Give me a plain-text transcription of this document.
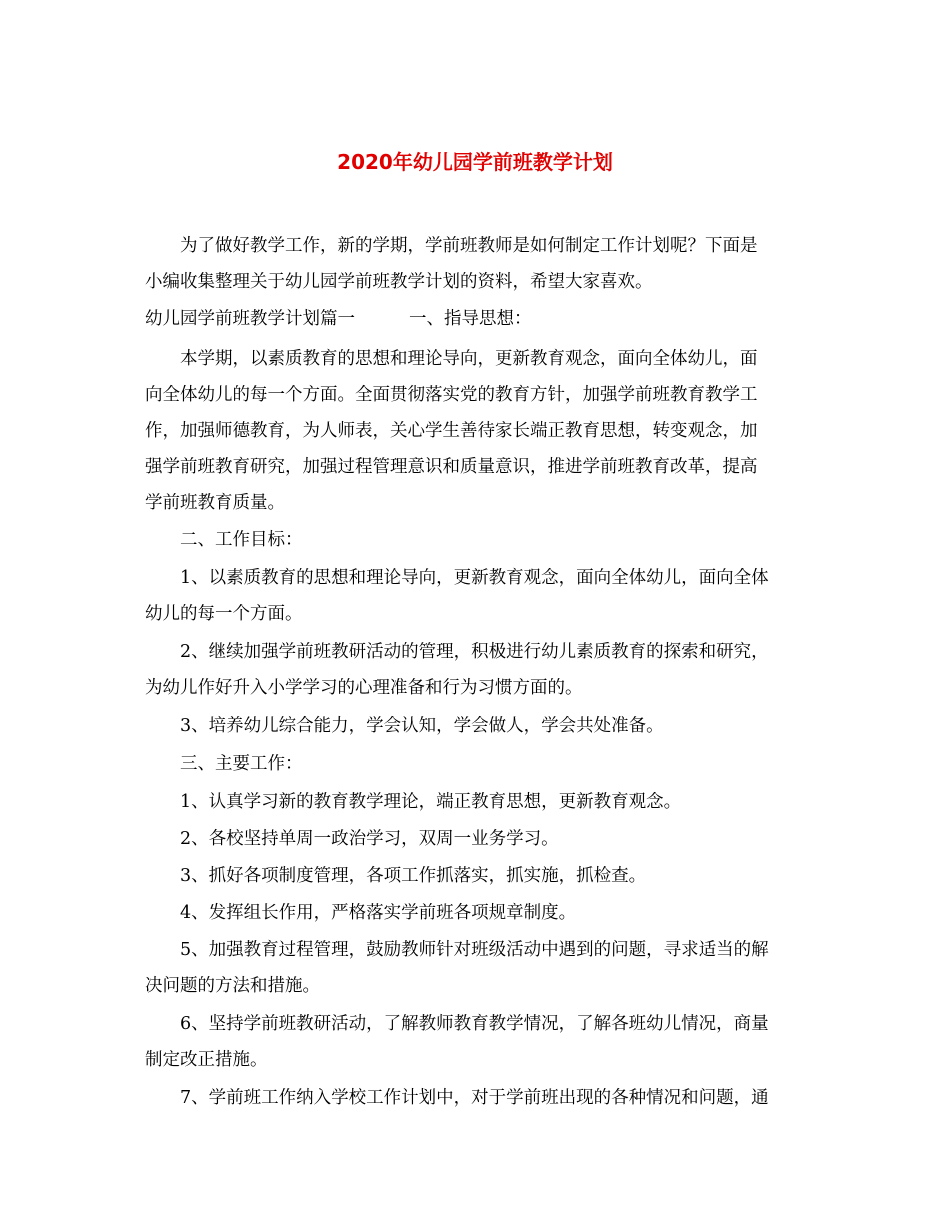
2020年幼儿园学前班教学计划
为了做好教学工作，新的学期，学前班教师是如何制定工作计划呢？下面是
小编收集整理关于幼儿园学前班教学计划的资料，希望大家喜欢。
幼儿园学前班教学计划篇一	一、指导思想：
本学期，以素质教育的思想和理论导向，更新教育观念，面向全体幼儿，面
向全体幼儿的每一个方面。全面贯彻落实党的教育方针，加强学前班教育教学工
作，加强师德教育，为人师表，关心学生善待家长端正教育思想，转变观念，加
强学前班教育研究，加强过程管理意识和质量意识，推进学前班教育改革，提高
学前班教育质量。
二、工作目标：
1、以素质教育的思想和理论导向，更新教育观念，面向全体幼儿，面向全体
幼儿的每一个方面。
2、继续加强学前班教研活动的管理，积极进行幼儿素质教育的探索和研究，
为幼儿作好升入小学学习的心理准备和行为习惯方面的。
3、培养幼儿综合能力，学会认知，学会做人，学会共处准备。
三、主要工作：
1、认真学习新的教育教学理论，端正教育思想，更新教育观念。
2、各校坚持单周一政治学习，双周一业务学习。
3、抓好各项制度管理，各项工作抓落实，抓实施，抓检查。
4、发挥组长作用，严格落实学前班各项规章制度。
5、加强教育过程管理，鼓励教师针对班级活动中遇到的问题，寻求适当的解
决问题的方法和措施。
6、坚持学前班教研活动，了解教师教育教学情况，了解各班幼儿情况，商量
制定改正措施。
7、学前班工作纳入学校工作计划中，对于学前班出现的各种情况和问题，通
